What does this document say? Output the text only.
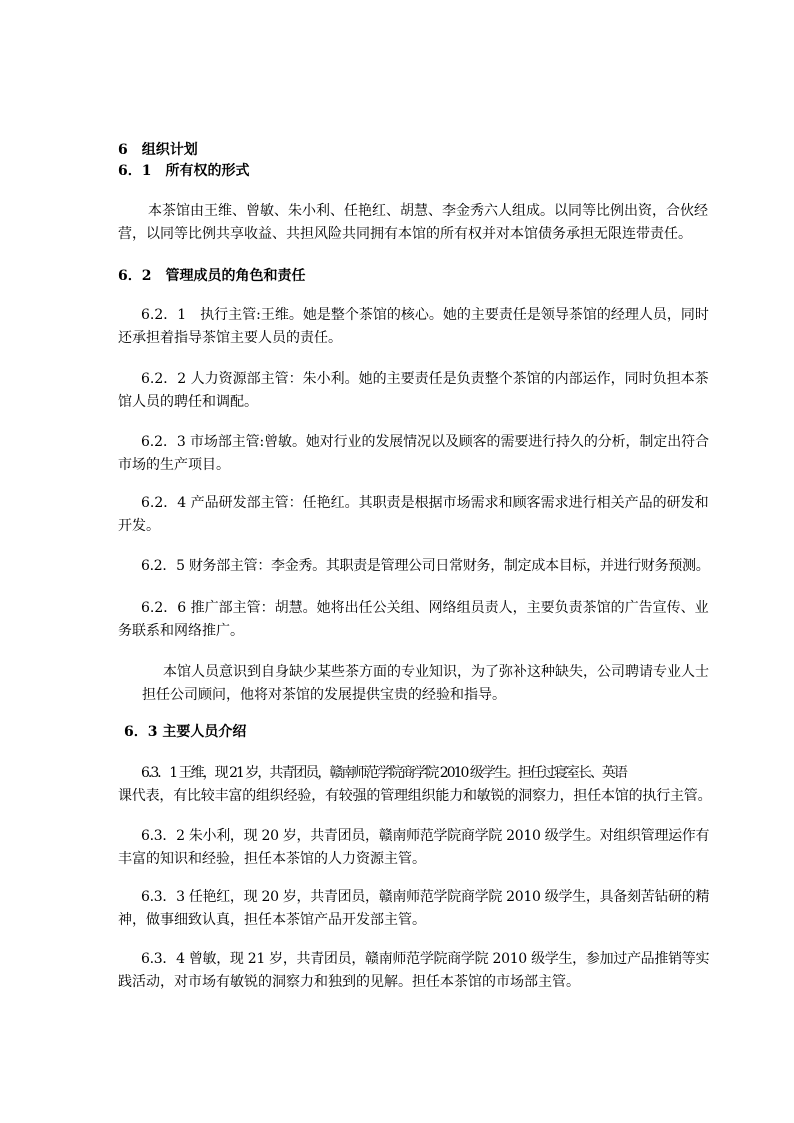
6　组织计划
6．1　所有权的形式
本茶馆由王维、曾敏、朱小利、任艳红、胡慧、李金秀六人组成。以同等比例出资，合伙经
营，以同等比例共享收益、共担风险共同拥有本馆的所有权并对本馆债务承担无限连带责任。
6．2　管理成员的角色和责任
6.2．1　执行主管:王维。她是整个茶馆的核心。她的主要责任是领导茶馆的经理人员，同时
还承担着指导茶馆主要人员的责任。
6.2．2 人力资源部主管：朱小利。她的主要责任是负责整个茶馆的内部运作，同时负担本茶
馆人员的聘任和调配。
6.2．3 市场部主管:曾敏。她对行业的发展情况以及顾客的需要进行持久的分析，制定出符合
市场的生产项目。
6.2．4 产品研发部主管：任艳红。其职责是根据市场需求和顾客需求进行相关产品的研发和
开发。
6.2．5 财务部主管：李金秀。其职责是管理公司日常财务，制定成本目标，并进行财务预测。
6.2．6 推广部主管：胡慧。她将出任公关组、网络组员责人，主要负责茶馆的广告宣传、业
务联系和网络推广。
本馆人员意识到自身缺少某些茶方面的专业知识，为了弥补这种缺失，公司聘请专业人士
担任公司顾问，他将对茶馆的发展提供宝贵的经验和指导。
6．3 主要人员介绍
6.3．1 王维，现 21 岁，共青团员，赣南师范学院商学院 2010 级学生。担任过寝室长、英语
课代表，有比较丰富的组织经验，有较强的管理组织能力和敏锐的洞察力，担任本馆的执行主管。
6.3．2 朱小利，现 20 岁，共青团员，赣南师范学院商学院 2010 级学生。对组织管理运作有
丰富的知识和经验，担任本茶馆的人力资源主管。
6.3．3 任艳红，现 20 岁，共青团员，赣南师范学院商学院 2010 级学生，具备刻苦钻研的精
神，做事细致认真，担任本茶馆产品开发部主管。
6.3．4 曾敏，现 21 岁，共青团员，赣南师范学院商学院 2010 级学生，参加过产品推销等实
践活动，对市场有敏锐的洞察力和独到的见解。担任本茶馆的市场部主管。
